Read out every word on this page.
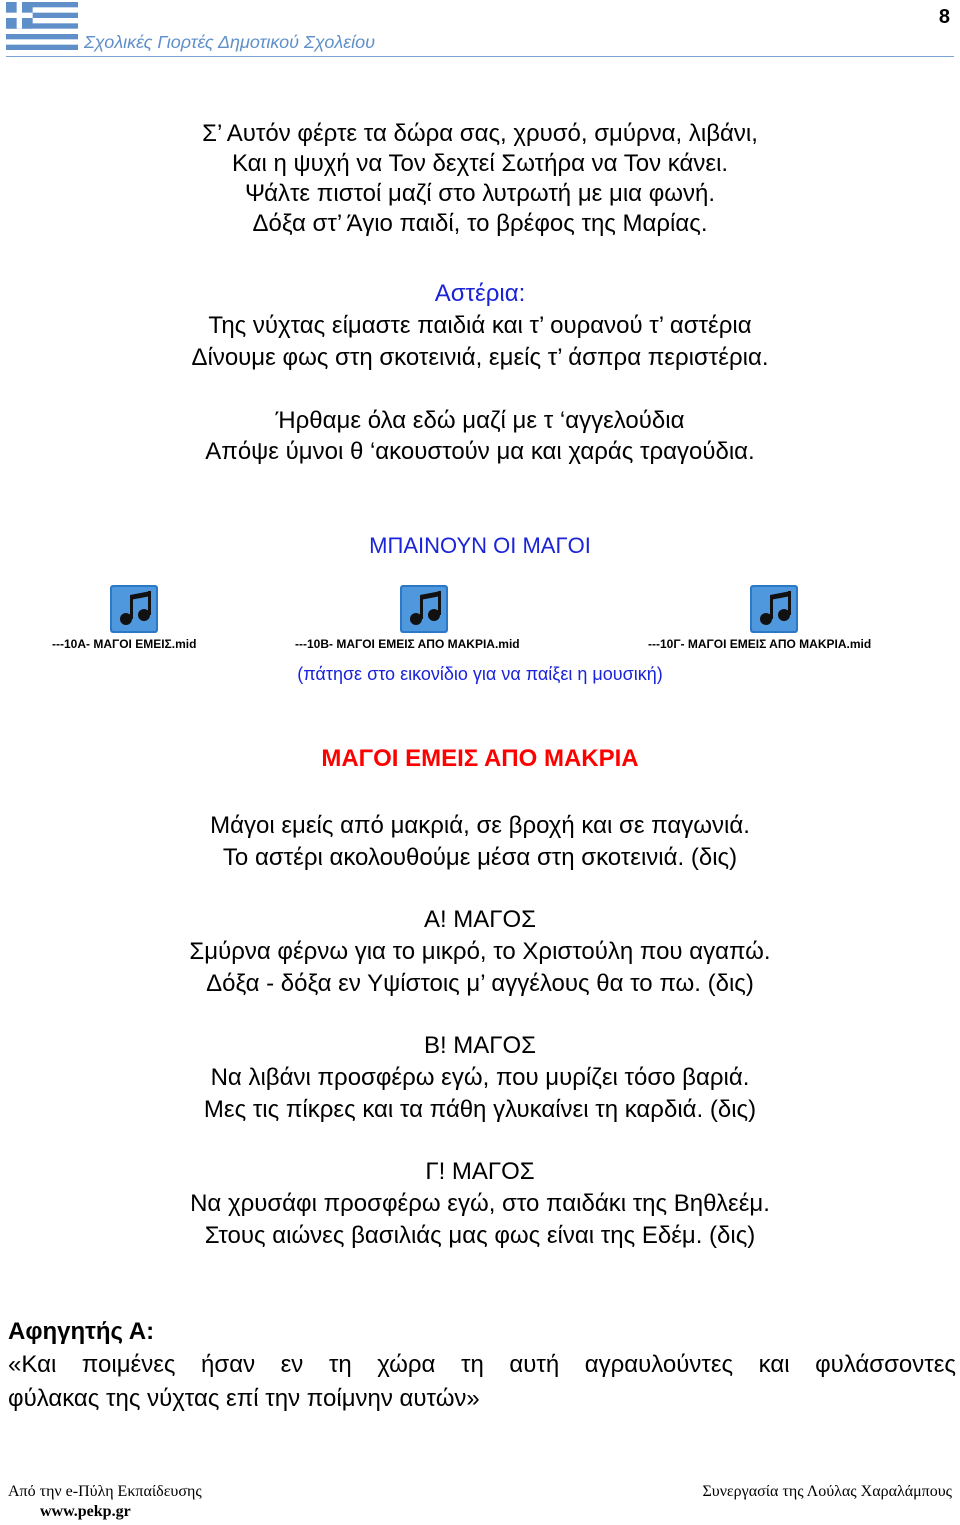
Σχολικές Γιορτές Δημοτικού Σχολείου
8
Σ’ Αυτόν φέρτε τα δώρα σας, χρυσό, σμύρνα, λιβάνι,
Και η ψυχή να Τον δεχτεί Σωτήρα να Τον κάνει.
Ψάλτε πιστοί μαζί στο λυτρωτή με μια φωνή.
Δόξα στ’ Άγιο παιδί, το βρέφος της Μαρίας.
Αστέρια:
Της νύχτας είμαστε παιδιά και τ’ ουρανού τ’ αστέρια
Δίνουμε φως στη σκοτεινιά, εμείς τ’ άσπρα περιστέρια.
Ήρθαμε όλα εδώ μαζί με τ ‘αγγελούδια
Απόψε ύμνοι θ ‘ακουστούν μα και χαράς τραγούδια.
ΜΠΑΙΝΟΥΝ ΟΙ ΜΑΓΟΙ
---10Α- ΜΑΓΟΙ ΕΜΕΙΣ.mid	---10Β- ΜΑΓΟΙ ΕΜΕΙΣ ΑΠΟ ΜΑΚΡΙΑ.mid	---10Γ- ΜΑΓΟΙ ΕΜΕΙΣ ΑΠΟ ΜΑΚΡΙΑ.mid
(πάτησε στο εικονίδιο για να παίξει η μουσική)
ΜΑΓΟΙ ΕΜΕΙΣ ΑΠΟ ΜΑΚΡΙΑ
Μάγοι εμείς από μακριά, σε βροχή και σε παγωνιά.
Το αστέρι ακολουθούμε μέσα στη σκοτεινιά. (δις)
Α! ΜΑΓΟΣ
Σμύρνα φέρνω για το μικρό, το Χριστούλη που αγαπώ.
Δόξα - δόξα εν Υψίστοις μ’ αγγέλους θα το πω. (δις)
Β! ΜΑΓΟΣ
Να λιβάνι προσφέρω εγώ, που μυρίζει τόσο βαριά.
Μες τις πίκρες και τα πάθη γλυκαίνει τη καρδιά. (δις)
Γ! ΜΑΓΟΣ
Να χρυσάφι προσφέρω εγώ, στο παιδάκι της Βηθλεέμ.
Στους αιώνες βασιλιάς μας φως είναι της Εδέμ. (δις)
Αφηγητής Α:
«Και ποιμένες ήσαν εν τη χώρα τη αυτή αγραυλούντες και φυλάσσοντες
φύλακας της νύχτας επί την ποίμνην αυτών»
Από την e-Πύλη Εκπαίδευσης	Συνεργασία της Λούλας Χαραλάμπους
www.pekp.gr
